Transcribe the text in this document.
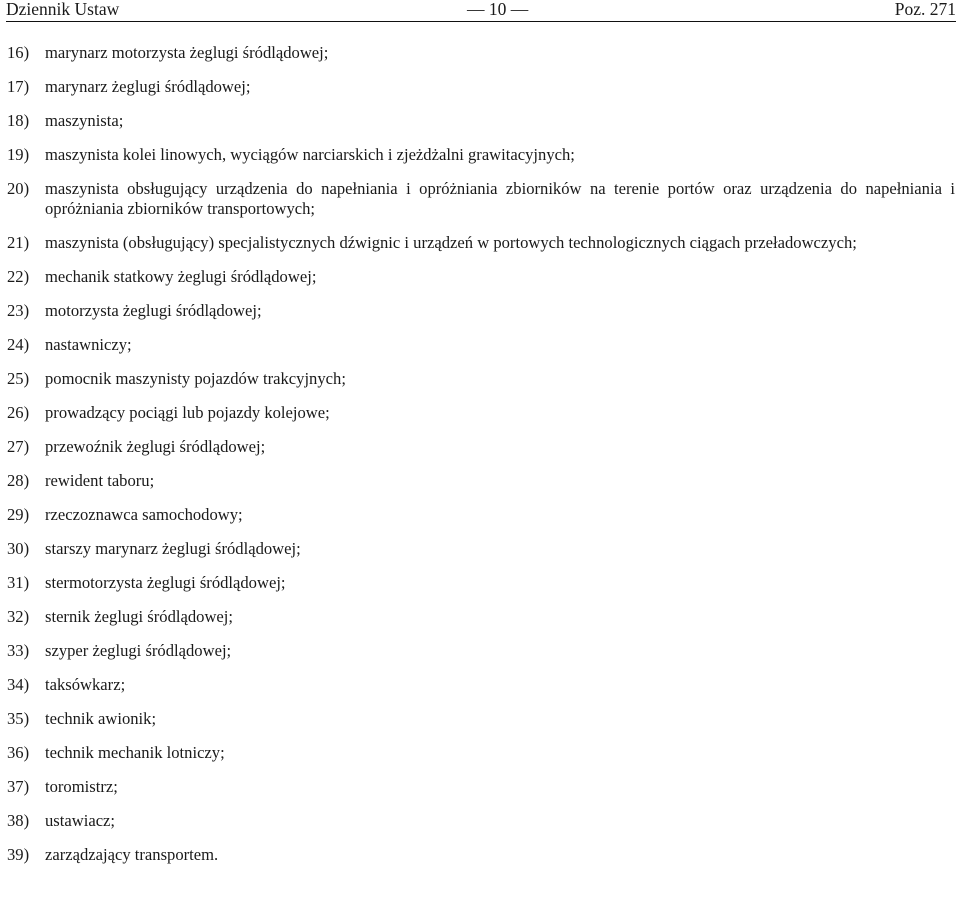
Dziennik Ustaw	— 10 —	Poz. 271
16) marynarz motorzysta żeglugi śródlądowej;
17) marynarz żeglugi śródlądowej;
18) maszynista;
19) maszynista kolei linowych, wyciągów narciarskich i zjeżdżalni grawitacyjnych;
20) maszynista obsługujący urządzenia do napełniania i opróżniania zbiorników na terenie portów oraz urządzenia do napełniania i opróżniania zbiorników transportowych;
21) maszynista (obsługujący) specjalistycznych dźwignic i urządzeń w portowych technologicznych ciągach przeładowczych;
22) mechanik statkowy żeglugi śródlądowej;
23) motorzysta żeglugi śródlądowej;
24) nastawniczy;
25) pomocnik maszynisty pojazdów trakcyjnych;
26) prowadzący pociągi lub pojazdy kolejowe;
27) przewoźnik żeglugi śródlądowej;
28) rewident taboru;
29) rzeczoznawca samochodowy;
30) starszy marynarz żeglugi śródlądowej;
31) stermotorzysta żeglugi śródlądowej;
32) sternik żeglugi śródlądowej;
33) szyper żeglugi śródlądowej;
34) taksówkarz;
35) technik awionik;
36) technik mechanik lotniczy;
37) toromistrz;
38) ustawiacz;
39) zarządzający transportem.
